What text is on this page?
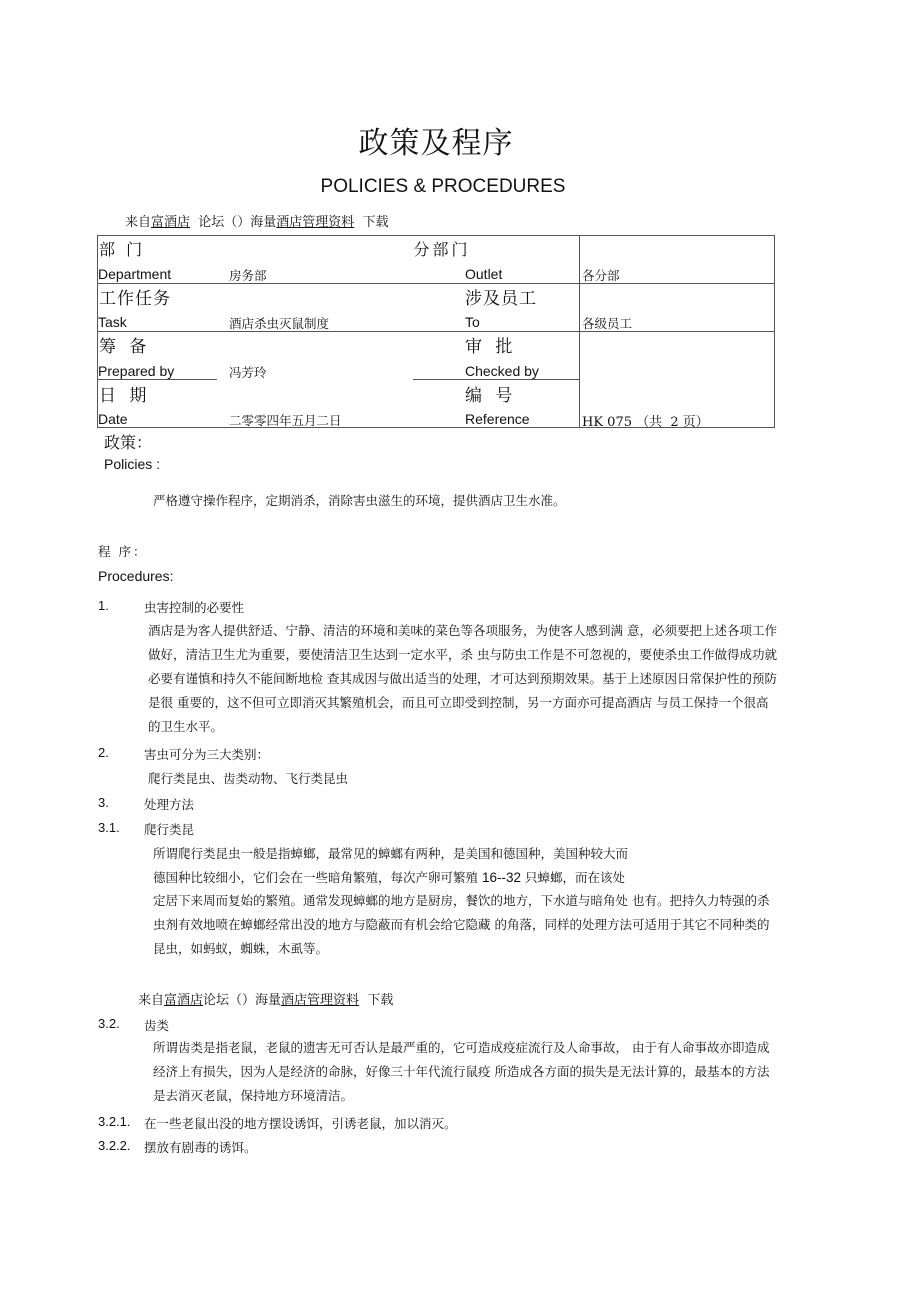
政策及程序
POLICIES & PROCEDURES
来自富酒店  论坛（）海量酒店管理资料  下载
部 门		分部门	

Department	房务部	Outlet	各分部
工作任务	涉及员工
Task	酒店杀虫灭鼠制度	To	各级员工
筹 备	审 批
Prepared by	冯芳玲	Checked by
日 期	编 号
Date	二零零四年五月二日	Reference	HK 075 （共  2 页）
政策：
Policies :
严格遵守操作程序，定期消杀，消除害虫滋生的环境，提供酒店卫生水准。
程 序：
Procedures:
1.	虫害控制的必要性
酒店是为客人提供舒适、宁静、清洁的环境和美味的菜色等各项服务，为使客人感到满 意，必须要把上述各项工作做好，清洁卫生尤为重要，要使清洁卫生达到一定水平，杀 虫与防虫工作是不可忽视的，要使杀虫工作做得成功就必要有谨慎和持久不能间断地检 查其成因与做出适当的处理，才可达到预期效果。基于上述原因日常保护性的预防是很 重要的，这不但可立即消灭其繁殖机会，而且可立即受到控制，另一方面亦可提高酒店 与员工保持一个很高的卫生水平。
2.	害虫可分为三大类别：
爬行类昆虫、齿类动物、飞行类昆虫
3.	处理方法
3.1. 爬行类昆
所谓爬行类昆虫一般是指蟑螂，最常见的蟑螂有两种，是美国和德国种，美国种较大而
德国种比较细小，它们会在一些暗角繁殖，每次产卵可繁殖 16--32 只蟑螂，而在该处
定居下来周而复始的繁殖。通常发现蟑螂的地方是厨房，餐饮的地方，下水道与暗角处 也有。把持久力特强的杀虫剂有效地喷在蟑螂经常出没的地方与隐蔽而有机会给它隐藏 的角落，同样的处理方法可适用于其它不同种类的昆虫，如蚂蚁，蜘蛛，木虱等。
来自富酒店论坛（）海量酒店管理资料  下载
3.2. 齿类
所谓齿类是指老鼠，老鼠的遗害无可否认是最严重的，它可造成疫症流行及人命事故， 由于有人命事故亦即造成经济上有损失，因为人是经济的命脉，好像三十年代流行鼠疫 所造成各方面的损失是无法计算的，最基本的方法是去消灭老鼠，保持地方环境清洁。
3.2.1. 在一些老鼠出没的地方摆设诱饵，引诱老鼠，加以消灭。
3.2.2. 摆放有剧毒的诱饵。
